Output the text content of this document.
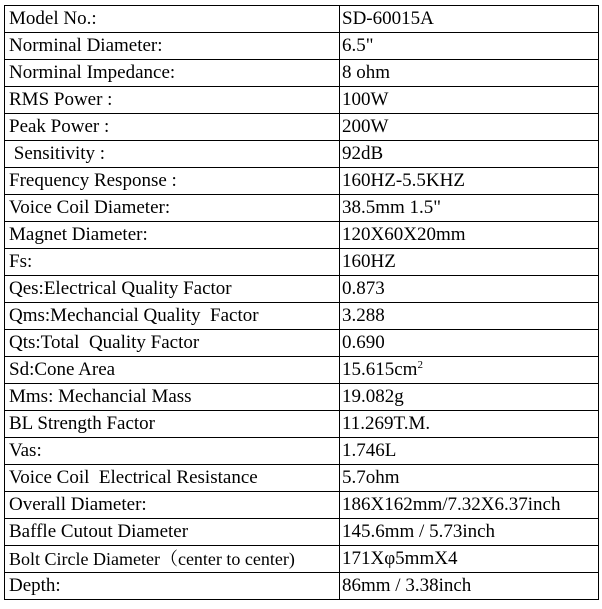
Model No.:	SD-60015A
Norminal Diameter:	6.5"
Norminal Impedance:	8 ohm
RMS Power :	100W
Peak Power :	200W
Sensitivity :	92dB
Frequency Response :	160HZ-5.5KHZ
Voice Coil Diameter:	38.5mm 1.5"
Magnet Diameter:	120X60X20mm
Fs:	160HZ
Qes:Electrical Quality Factor	0.873
Qms:Mechancial Quality  Factor	3.288
Qts:Total  Quality Factor	0.690
Sd:Cone Area	$15.615cm^2$
Mms: Mechancial Mass	19.082g
BL Strength Factor	11.269T.M.
Vas:	1.746L
Voice Coil  Electrical Resistance	5.7ohm
Overall Diameter:	186X162mm/7.32X6.37inch
Baffle Cutout Diameter	145.6mm / 5.73inch
Bolt Circle Diameter（center to center)	171Xφ5mmX4
Depth:	86mm / 3.38inch
